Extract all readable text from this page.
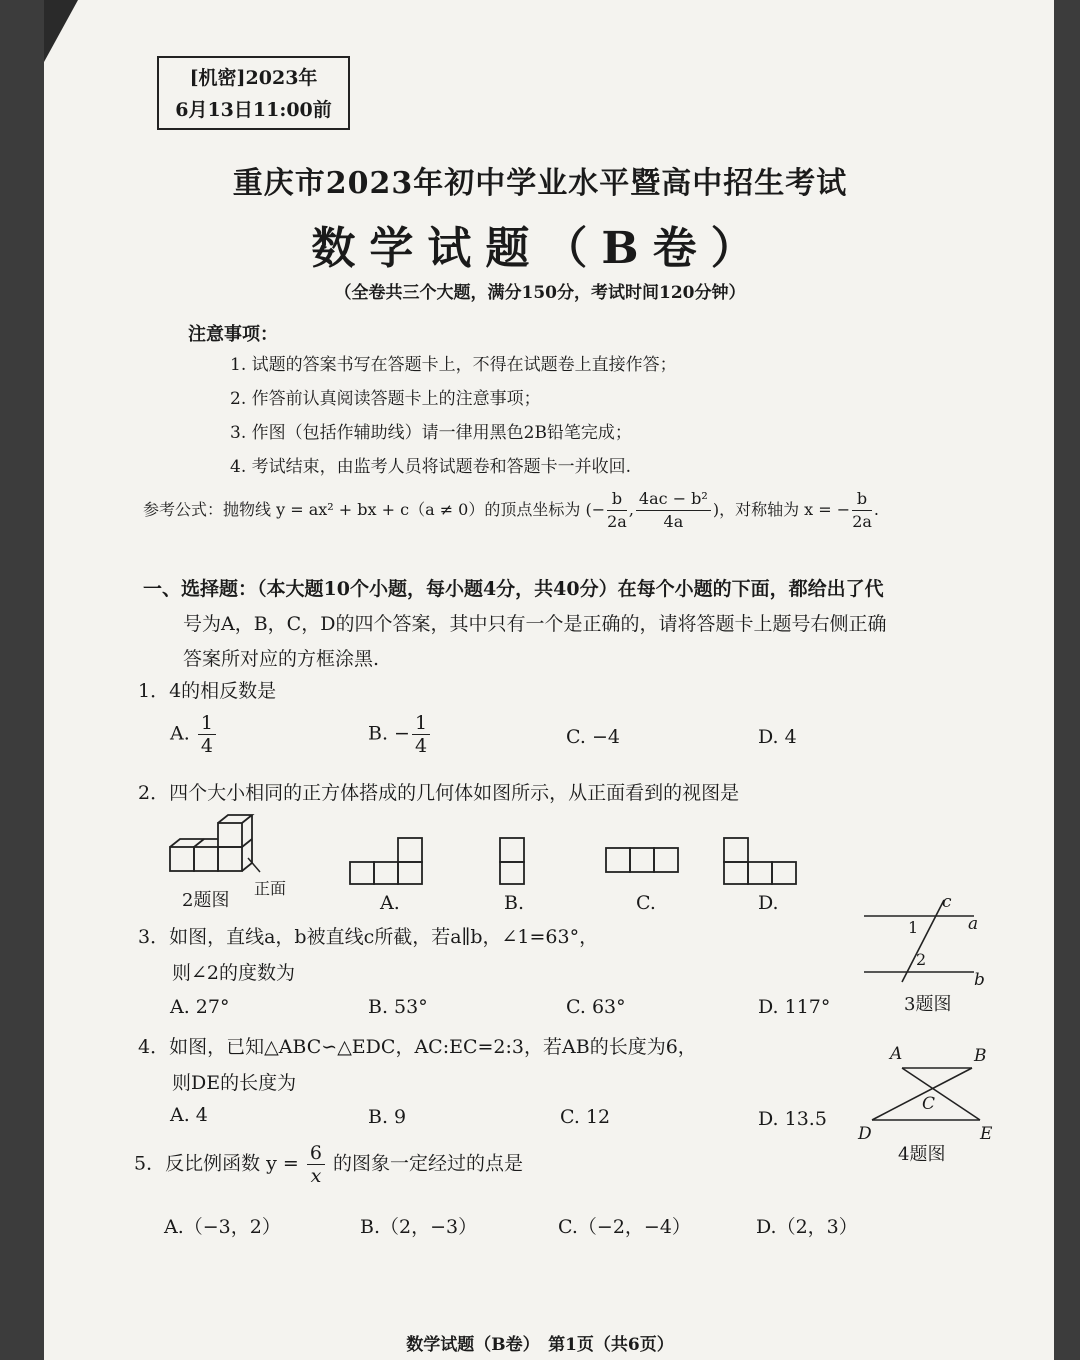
[机密]2023年
6月13日11:00前
重庆市2023年初中学业水平暨高中招生考试
数学试题（B卷）
（全卷共三个大题，满分150分，考试时间120分钟）
注意事项：
1. 试题的答案书写在答题卡上，不得在试题卷上直接作答；
2. 作答前认真阅读答题卡上的注意事项；
3. 作图（包括作辅助线）请一律用黑色2B铅笔完成；
4. 考试结束，由监考人员将试题卷和答题卡一并收回.
参考公式：抛物线 y = ax² + bx + c（a ≠ 0）的顶点坐标为 (− $\frac{b}{2a}$ , $\frac{\text{4ac − b²}}{4a}$ )，对称轴为 x = − $\frac{b}{2a}$ .
一、选择题：（本大题10个小题，每小题4分，共40分）在每个小题的下面，都给出了代
号为A，B，C，D的四个答案，其中只有一个是正确的，请将答题卡上题号右侧正确
答案所对应的方框涂黑.
1．4的相反数是
A. $\frac{1}{4}$	B. − $\frac{1}{4}$	C. −4	D. 4
2．四个大小相同的正方体搭成的几何体如图所示，从正面看到的视图是
2题图
正面
A.	B.	C.	D.
3．如图，直线a，b被直线c所截，若a∥b，∠1=63°，
则∠2的度数为
A. 27°	B. 53°	C. 63°	D. 117°
c
a
b
1
2
3题图
4．如图，已知△ABC∽△EDC，AC:EC=2:3，若AB的长度为6，
则DE的长度为
A. 4	B. 9	C. 12	D. 13.5
A	B
C
D	E
4题图
5．反比例函数 $y = \frac{6}{x}$ 的图象一定经过的点是
A.（−3，2）	B.（2，−3）	C.（−2，−4）	D.（2，3）
数学试题（B卷）　第1页（共6页）
